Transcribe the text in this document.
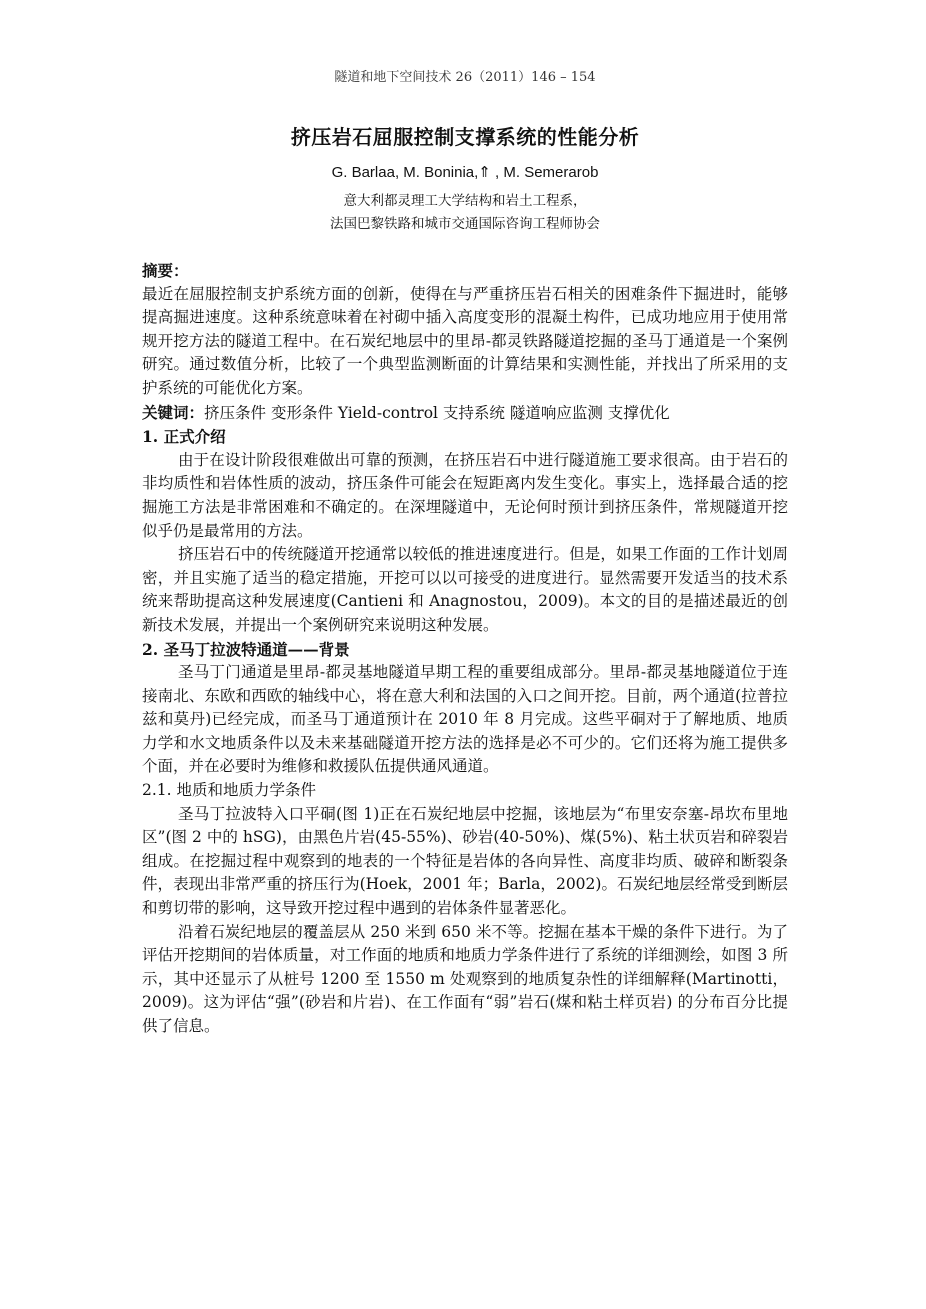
隧道和地下空间技术 26（2011）146 – 154
挤压岩石屈服控制支撑系统的性能分析
G. Barlaa, M. Boninia,⇑ , M. Semerarob
意大利都灵理工大学结构和岩土工程系，
法国巴黎铁路和城市交通国际咨询工程师协会

摘要：

最近在屈服控制支护系统方面的创新，使得在与严重挤压岩石相关的困难条件下掘进时，能够提高掘进速度。这种系统意味着在衬砌中插入高度变形的混凝土构件，已成功地应用于使用常规开挖方法的隧道工程中。在石炭纪地层中的里昂-都灵铁路隧道挖掘的圣马丁通道是一个案例研究。通过数值分析，比较了一个典型监测断面的计算结果和实测性能，并找出了所采用的支护系统的可能优化方案。

关键词：挤压条件 变形条件 Yield-control 支持系统 隧道响应监测 支撑优化

1. 正式介绍

由于在设计阶段很难做出可靠的预测，在挤压岩石中进行隧道施工要求很高。由于岩石的非均质性和岩体性质的波动，挤压条件可能会在短距离内发生变化。事实上，选择最合适的挖掘施工方法是非常困难和不确定的。在深埋隧道中，无论何时预计到挤压条件，常规隧道开挖似乎仍是最常用的方法。

挤压岩石中的传统隧道开挖通常以较低的推进速度进行。但是，如果工作面的工作计划周密，并且实施了适当的稳定措施，开挖可以以可接受的进度进行。显然需要开发适当的技术系统来帮助提高这种发展速度(Cantieni 和 Anagnostou，2009)。本文的目的是描述最近的创新技术发展，并提出一个案例研究来说明这种发展。

2. 圣马丁拉波特通道——背景

圣马丁门通道是里昂-都灵基地隧道早期工程的重要组成部分。里昂-都灵基地隧道位于连接南北、东欧和西欧的轴线中心，将在意大利和法国的入口之间开挖。目前，两个通道(拉普拉兹和莫丹)已经完成，而圣马丁通道预计在 2010 年 8 月完成。这些平硐对于了解地质、地质力学和水文地质条件以及未来基础隧道开挖方法的选择是必不可少的。它们还将为施工提供多个面，并在必要时为维修和救援队伍提供通风通道。

2.1. 地质和地质力学条件

圣马丁拉波特入口平硐(图 1)正在石炭纪地层中挖掘，该地层为“布里安奈塞-昂坎布里地区”(图 2 中的 hSG)，由黑色片岩(45-55%)、砂岩(40-50%)、煤(5%)、粘土状页岩和碎裂岩组成。在挖掘过程中观察到的地表的一个特征是岩体的各向异性、高度非均质、破碎和断裂条件，表现出非常严重的挤压行为(Hoek，2001 年；Barla，2002)。石炭纪地层经常受到断层和剪切带的影响，这导致开挖过程中遇到的岩体条件显著恶化。

沿着石炭纪地层的覆盖层从 250 米到 650 米不等。挖掘在基本干燥的条件下进行。为了评估开挖期间的岩体质量，对工作面的地质和地质力学条件进行了系统的详细测绘，如图 3 所示，其中还显示了从桩号 1200 至 1550 m 处观察到的地质复杂性的详细解释(Martinotti，2009)。这为评估“强”(砂岩和片岩)、在工作面有“弱”岩石(煤和粘土样页岩) 的分布百分比提供了信息。
